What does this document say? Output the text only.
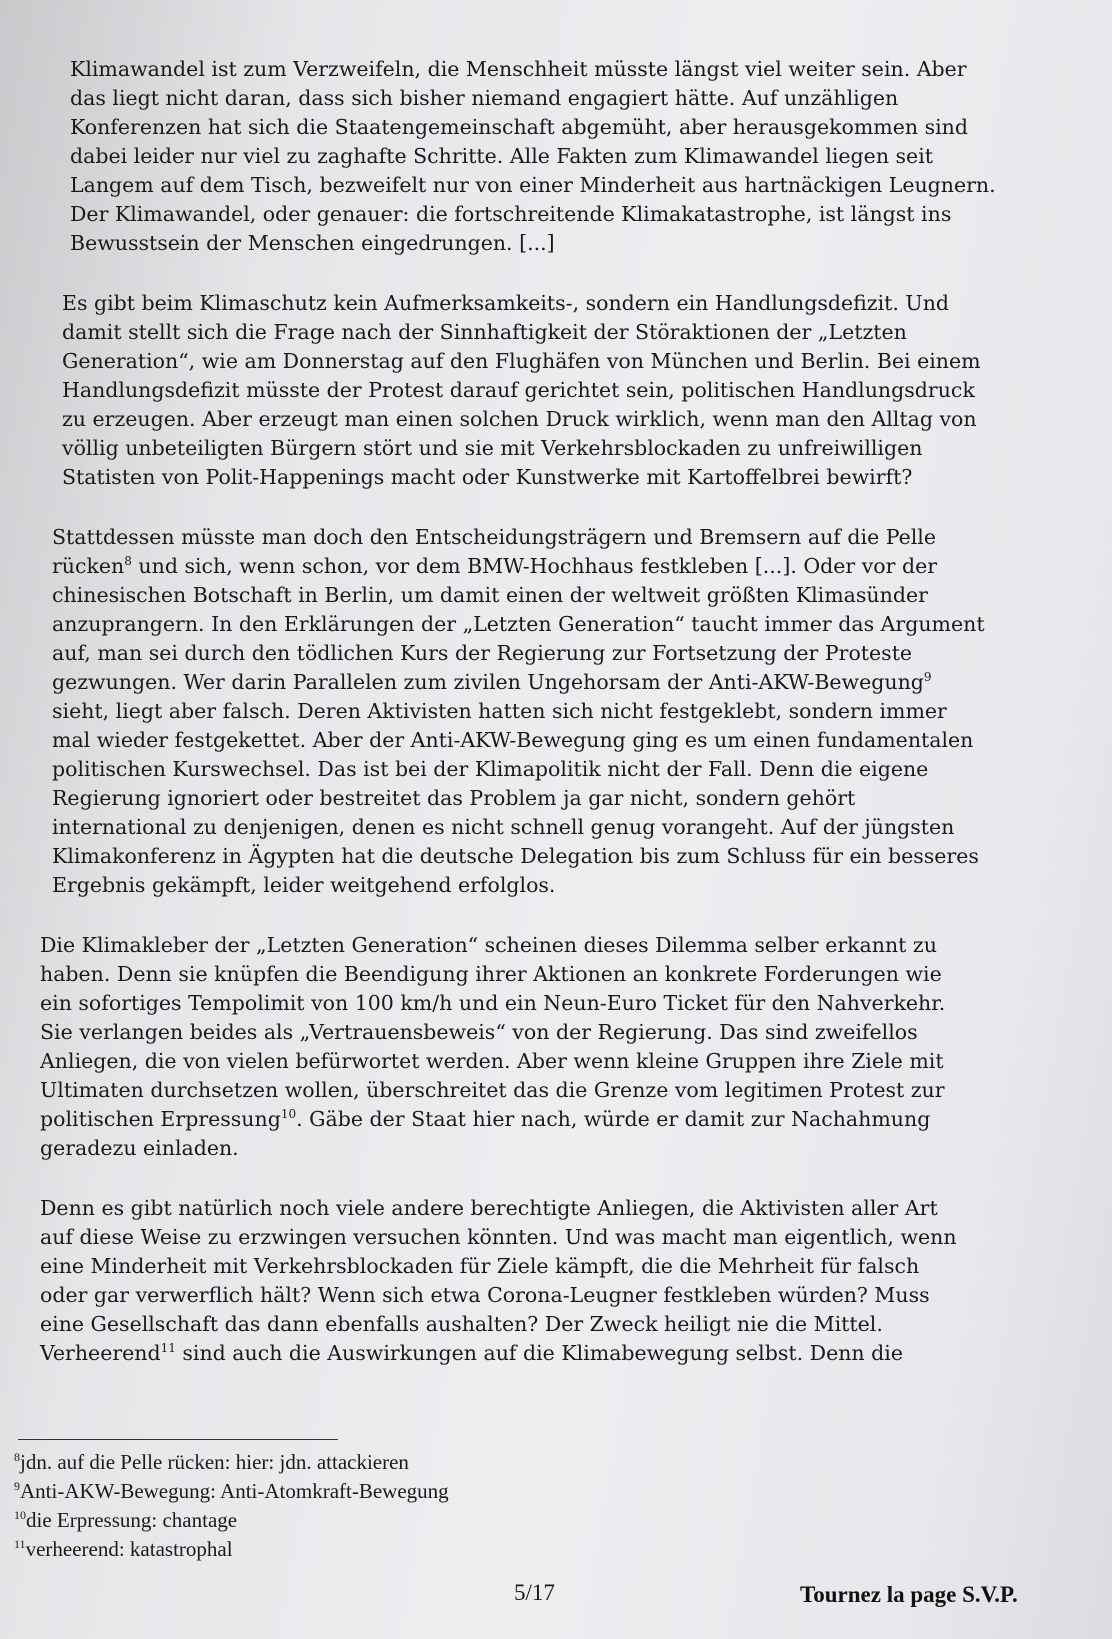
Klimawandel ist zum Verzweifeln, die Menschheit müsste längst viel weiter sein. Aber
das liegt nicht daran, dass sich bisher niemand engagiert hätte. Auf unzähligen
Konferenzen hat sich die Staatengemeinschaft abgemüht, aber herausgekommen sind
dabei leider nur viel zu zaghafte Schritte. Alle Fakten zum Klimawandel liegen seit
Langem auf dem Tisch, bezweifelt nur von einer Minderheit aus hartnäckigen Leugnern.
Der Klimawandel, oder genauer: die fortschreitende Klimakatastrophe, ist längst ins
Bewusstsein der Menschen eingedrungen. [...]

Es gibt beim Klimaschutz kein Aufmerksamkeits-, sondern ein Handlungsdefizit. Und
damit stellt sich die Frage nach der Sinnhaftigkeit der Störaktionen der „Letzten
Generation“, wie am Donnerstag auf den Flughäfen von München und Berlin. Bei einem
Handlungsdefizit müsste der Protest darauf gerichtet sein, politischen Handlungsdruck
zu erzeugen. Aber erzeugt man einen solchen Druck wirklich, wenn man den Alltag von
völlig unbeteiligten Bürgern stört und sie mit Verkehrsblockaden zu unfreiwilligen
Statisten von Polit-Happenings macht oder Kunstwerke mit Kartoffelbrei bewirft?

Stattdessen müsste man doch den Entscheidungsträgern und Bremsern auf die Pelle
rücken$^8$ und sich, wenn schon, vor dem BMW-Hochhaus festkleben [...]. Oder vor der
chinesischen Botschaft in Berlin, um damit einen der weltweit größten Klimasünder
anzuprangern. In den Erklärungen der „Letzten Generation“ taucht immer das Argument
auf, man sei durch den tödlichen Kurs der Regierung zur Fortsetzung der Proteste
gezwungen. Wer darin Parallelen zum zivilen Ungehorsam der Anti-AKW-Bewegung$^9$
sieht, liegt aber falsch. Deren Aktivisten hatten sich nicht festgeklebt, sondern immer
mal wieder festgekettet. Aber der Anti-AKW-Bewegung ging es um einen fundamentalen
politischen Kurswechsel. Das ist bei der Klimapolitik nicht der Fall. Denn die eigene
Regierung ignoriert oder bestreitet das Problem ja gar nicht, sondern gehört
international zu denjenigen, denen es nicht schnell genug vorangeht. Auf der jüngsten
Klimakonferenz in Ägypten hat die deutsche Delegation bis zum Schluss für ein besseres
Ergebnis gekämpft, leider weitgehend erfolglos.

Die Klimakleber der „Letzten Generation“ scheinen dieses Dilemma selber erkannt zu
haben. Denn sie knüpfen die Beendigung ihrer Aktionen an konkrete Forderungen wie
ein sofortiges Tempolimit von 100 km/h und ein Neun-Euro Ticket für den Nahverkehr.
Sie verlangen beides als „Vertrauensbeweis“ von der Regierung. Das sind zweifellos
Anliegen, die von vielen befürwortet werden. Aber wenn kleine Gruppen ihre Ziele mit
Ultimaten durchsetzen wollen, überschreitet das die Grenze vom legitimen Protest zur
politischen Erpressung$^{10}$. Gäbe der Staat hier nach, würde er damit zur Nachahmung
geradezu einladen.

Denn es gibt natürlich noch viele andere berechtigte Anliegen, die Aktivisten aller Art
auf diese Weise zu erzwingen versuchen könnten. Und was macht man eigentlich, wenn
eine Minderheit mit Verkehrsblockaden für Ziele kämpft, die die Mehrheit für falsch
oder gar verwerflich hält? Wenn sich etwa Corona-Leugner festkleben würden? Muss
eine Gesellschaft das dann ebenfalls aushalten? Der Zweck heiligt nie die Mittel.
Verheerend$^{11}$ sind auch die Auswirkungen auf die Klimabewegung selbst. Denn die

$^8$jdn. auf die Pelle rücken: hier: jdn. attackieren
$^9$Anti-AKW-Bewegung: Anti-Atomkraft-Bewegung
$^{10}$die Erpressung: chantage
$^{11}$verheerend: katastrophal
5/17	Tournez la page S.V.P.
